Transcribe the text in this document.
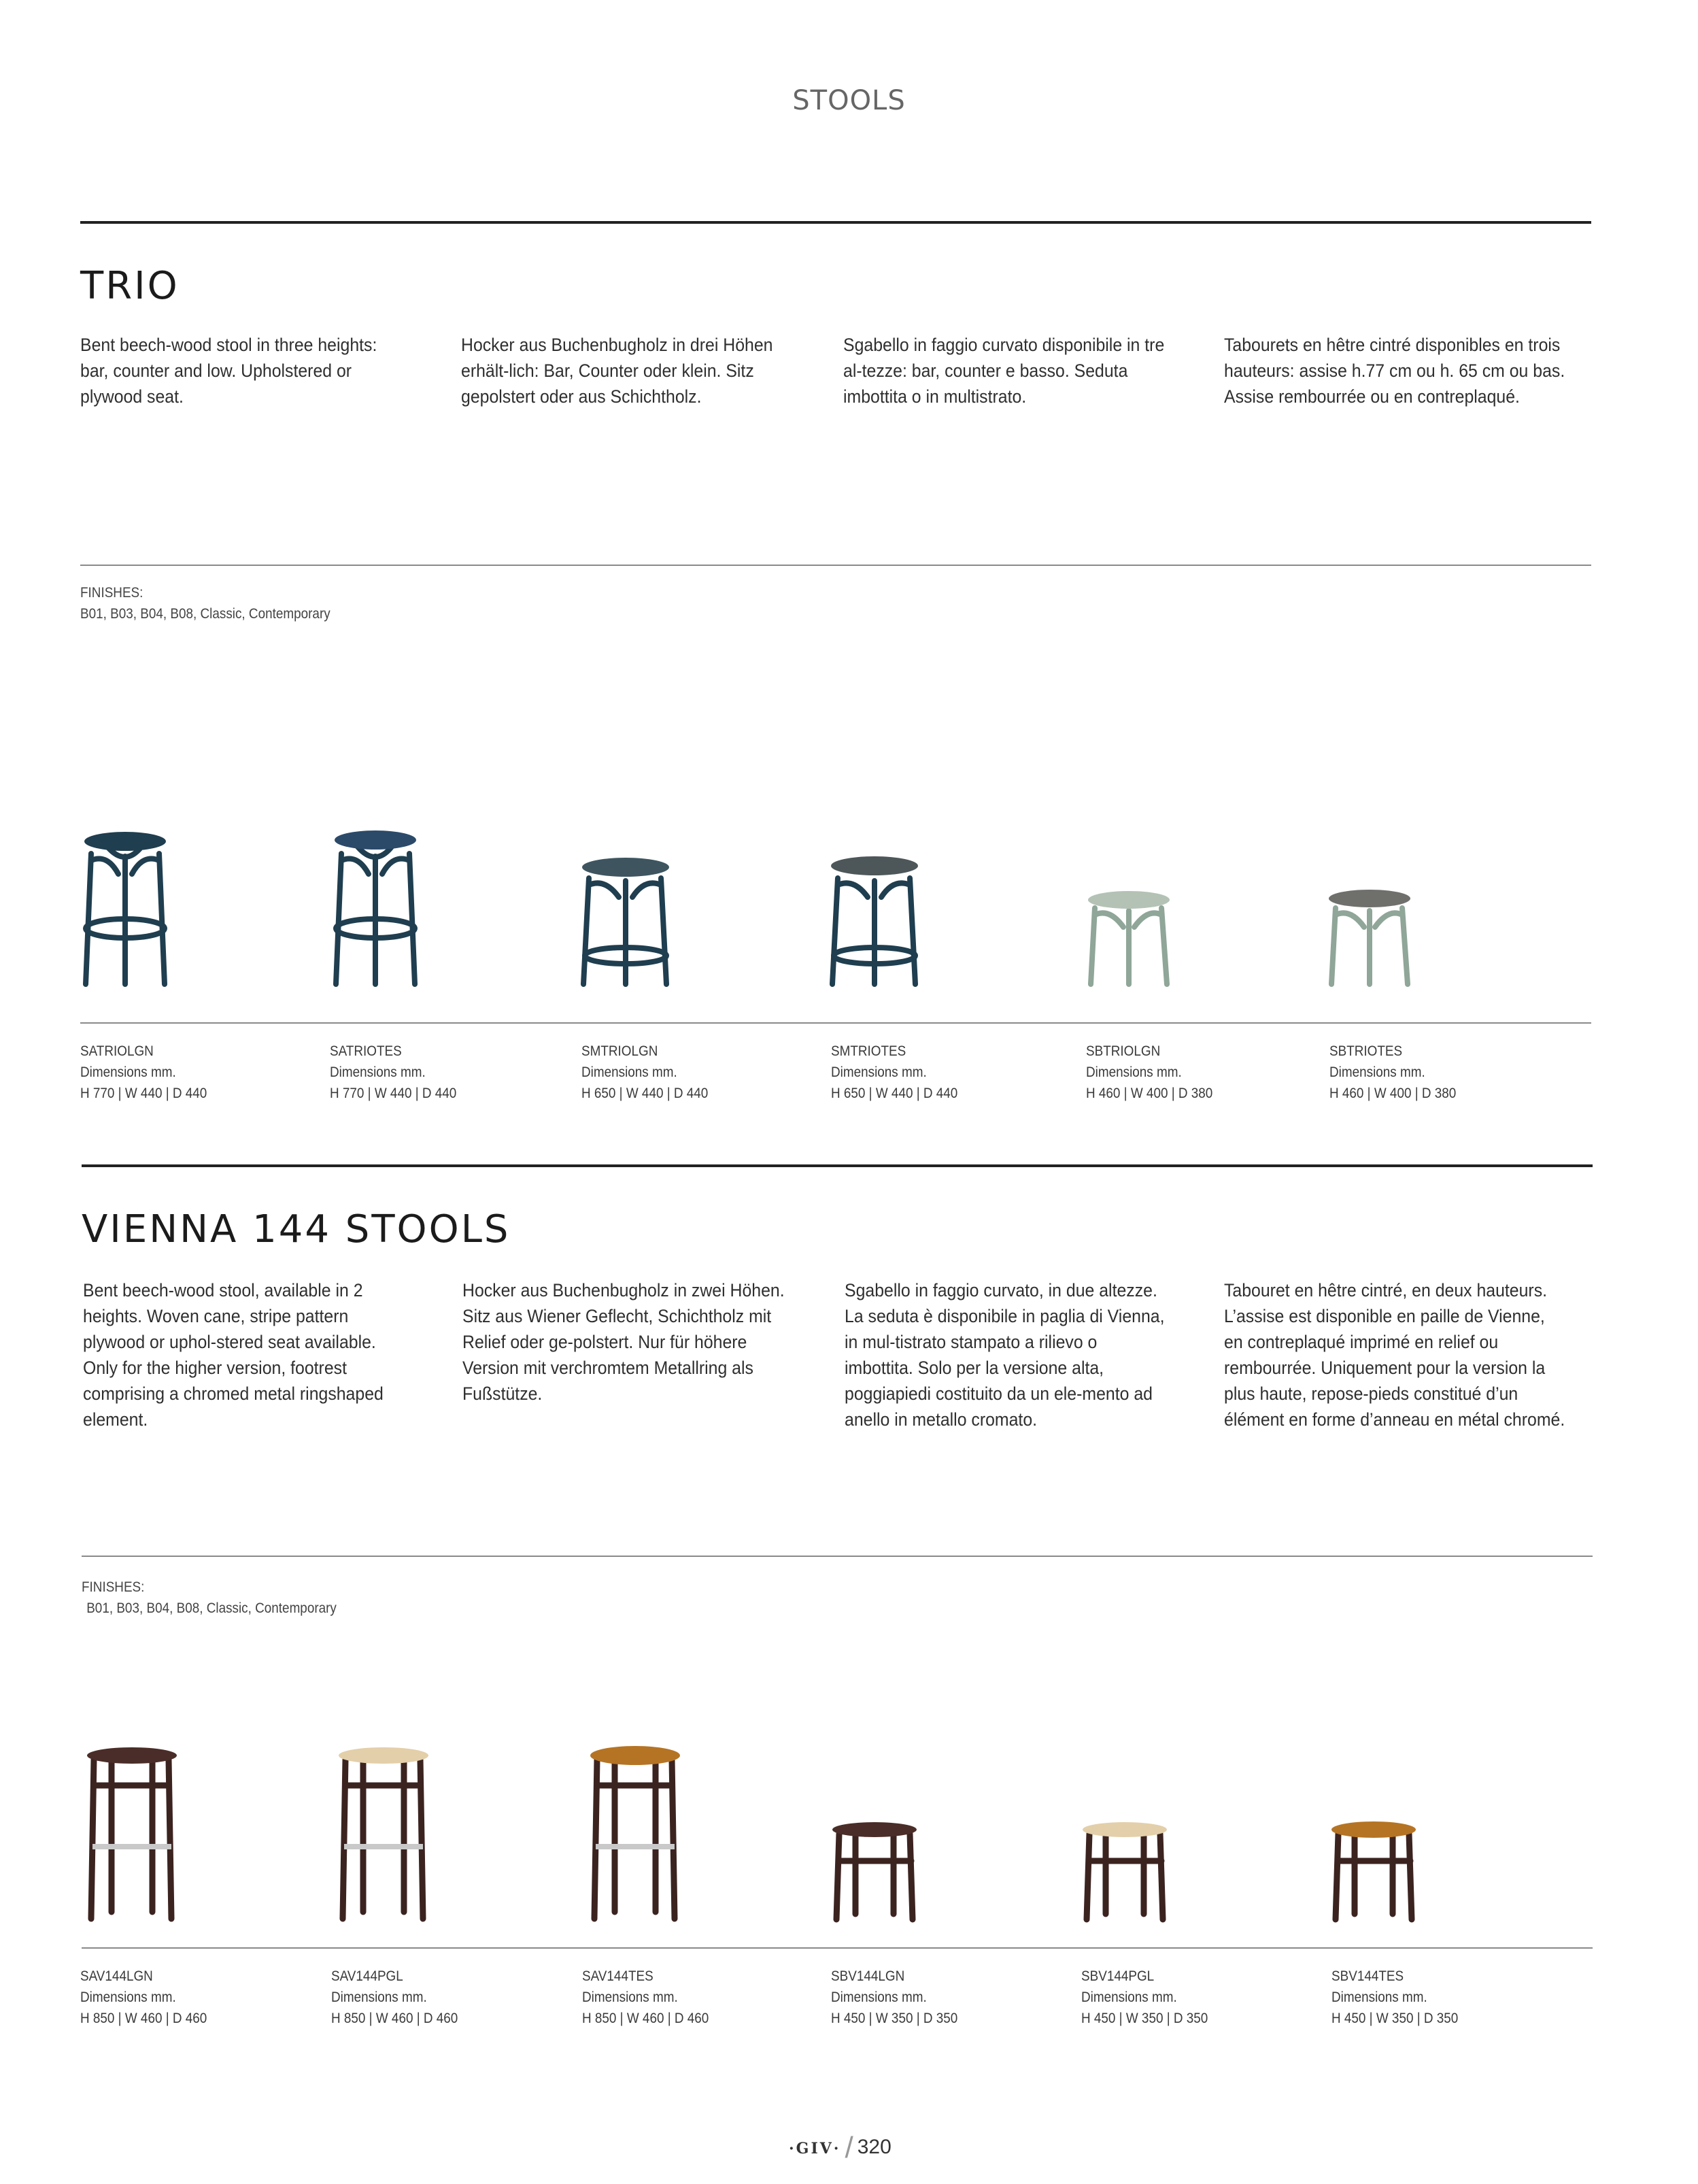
STOOLS
TRIO
Bent beech-wood stool in three heights: bar, counter and low. Upholstered or plywood seat.
Hocker aus Buchenbugholz in drei Höhen erhält-lich: Bar, Counter oder klein. Sitz gepolstert oder aus Schichtholz.
Sgabello in faggio curvato disponibile in tre al-tezze: bar, counter e basso. Seduta imbottita o in multistrato.
Tabourets en hêtre cintré disponibles en trois hauteurs: assise h.77 cm ou h. 65 cm ou bas. Assise rembourrée ou en contreplaqué.
FINISHES:
B01, B03, B04, B08, Classic, Contemporary
SATRIOLGN
Dimensions mm.
H 770 | W 440 | D 440
SATRIOTES
Dimensions mm.
H 770 | W 440 | D 440
SMTRIOLGN
Dimensions mm.
H 650 | W 440 | D 440
SMTRIOTES
Dimensions mm.
H 650 | W 440 | D 440
SBTRIOLGN
Dimensions mm.
H 460 | W 400 | D 380
SBTRIOTES
Dimensions mm.
H 460 | W 400 | D 380
VIENNA 144 STOOLS
Bent beech-wood stool, available in 2 heights. Woven cane, stripe pattern plywood or uphol-stered seat available. Only for the higher version, footrest comprising a chromed metal ringshaped element.
Hocker aus Buchenbugholz in zwei Höhen. Sitz aus Wiener Geflecht, Schichtholz mit Relief oder ge-polstert. Nur für höhere Version mit verchromtem Metallring als Fußstütze.
Sgabello in faggio curvato, in due altezze. La seduta è disponibile in paglia di Vienna, in mul-tistrato stampato a rilievo o imbottita. Solo per la versione alta, poggiapiedi costituito da un ele-mento ad anello in metallo cromato.
Tabouret en hêtre cintré, en deux hauteurs. L’assise est disponible en paille de Vienne, en contreplaqué imprimé en relief ou rembourrée. Uniquement pour la version la plus haute, repose-pieds constitué d’un élément en forme d’anneau en métal chromé.
FINISHES:
B01, B03, B04, B08, Classic, Contemporary
SAV144LGN
Dimensions mm.
H 850 | W 460 | D 460
SAV144PGL
Dimensions mm.
H 850 | W 460 | D 460
SAV144TES
Dimensions mm.
H 850 | W 460 | D 460
SBV144LGN
Dimensions mm.
H 450 | W 350 | D 350
SBV144PGL
Dimensions mm.
H 450 | W 350 | D 350
SBV144TES
Dimensions mm.
H 450 | W 350 | D 350
·GIV· / 320
